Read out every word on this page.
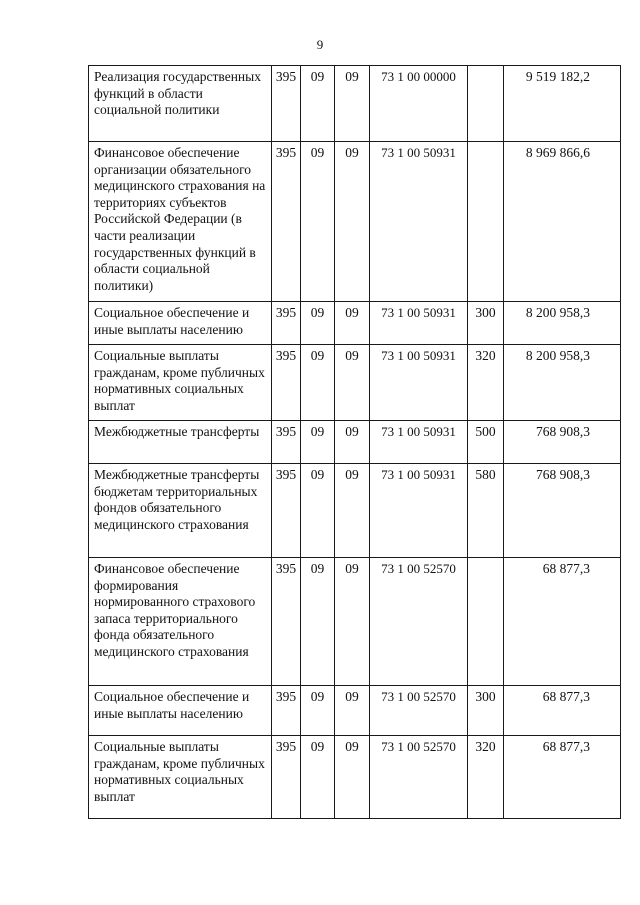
9
Реализация государственных функций в области социальной политики	395	09	09	73 1 00 00000		9 519 182,2
Финансовое обеспечение организации обязательного медицинского страхования на территориях субъектов Российской Федерации (в части реализации государственных функций в области социальной политики)	395	09	09	73 1 00 50931		8 969 866,6
Социальное обеспечение и иные выплаты населению	395	09	09	73 1 00 50931	300	8 200 958,3
Социальные выплаты гражданам, кроме публичных нормативных социальных выплат	395	09	09	73 1 00 50931	320	8 200 958,3
Межбюджетные трансферты	395	09	09	73 1 00 50931	500	768 908,3
Межбюджетные трансферты бюджетам территориальных фондов обязательного медицинского страхования	395	09	09	73 1 00 50931	580	768 908,3
Финансовое обеспечение формирования нормированного страхового запаса территориального фонда обязательного медицинского страхования	395	09	09	73 1 00 52570		68 877,3
Социальное обеспечение и иные выплаты населению	395	09	09	73 1 00 52570	300	68 877,3
Социальные выплаты гражданам, кроме публичных нормативных социальных выплат	395	09	09	73 1 00 52570	320	68 877,3
